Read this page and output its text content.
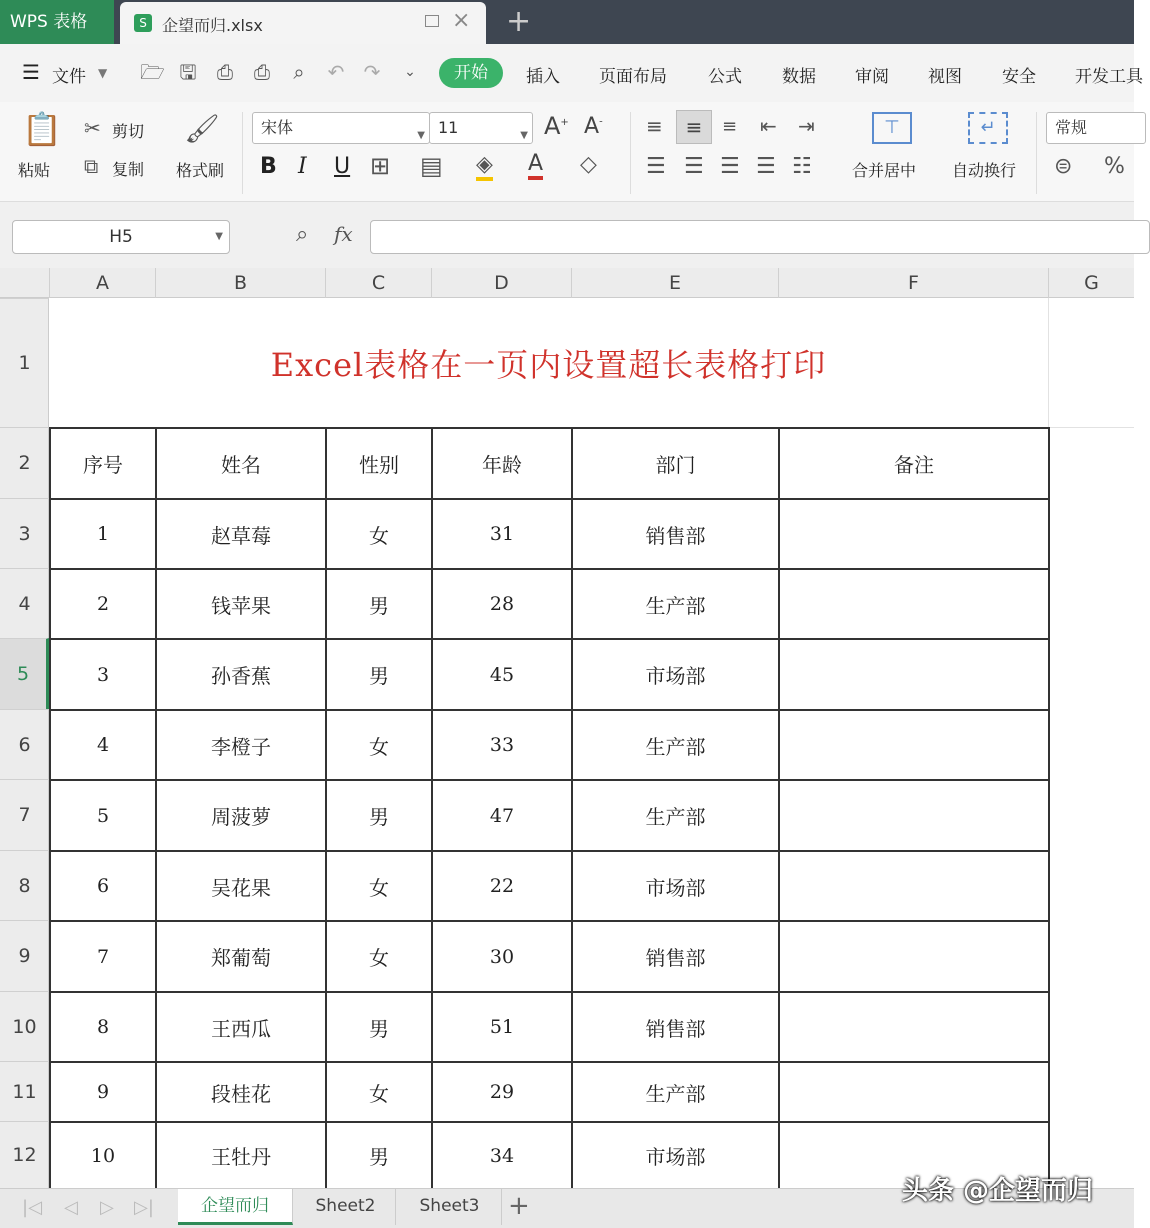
WPS 表格	S 企望而归.xlsx	× +
☰ 文件 ▼ 🗁 🖫 ⎙ ⎙	⌕	↶ ↷	⌄	开始	插入 页面布局 公式 数据 审阅 视图 安全 开发工具
📋
粘贴
✂ 剪切
⧉ 复制
🖌
格式刷
宋体	▼ 11	▼ A+ A-
B I U ⊞ ▤ ◈ A ◇
≡	≡	≡ ⇤ ⇥
☰ ☰ ☰ ☰ ☷
⊤
合并居中
↵
自动换行
常规
⊜ %
H5	▼	⌕ fx
A	B	C	D	E	F	G
1
2
3
4
5
6
7
8
9
10
11
12
Excel表格在一页内设置超长表格打印
序号	姓名	性别	年龄	部门	备注
1	赵草莓	女	31	销售部	
2	钱苹果	男	28	生产部	
3	孙香蕉	男	45	市场部	
4	李橙子	女	33	生产部	
5	周菠萝	男	47	生产部	
6	吴花果	女	22	市场部	
7	郑葡萄	女	30	销售部	
8	王西瓜	男	51	销售部	
9	段桂花	女	29	生产部	
10	王牡丹	男	34	市场部	
|◁ ◁ ▷ ▷|	企望而归	Sheet2	Sheet3	+	头条 @企望而归
